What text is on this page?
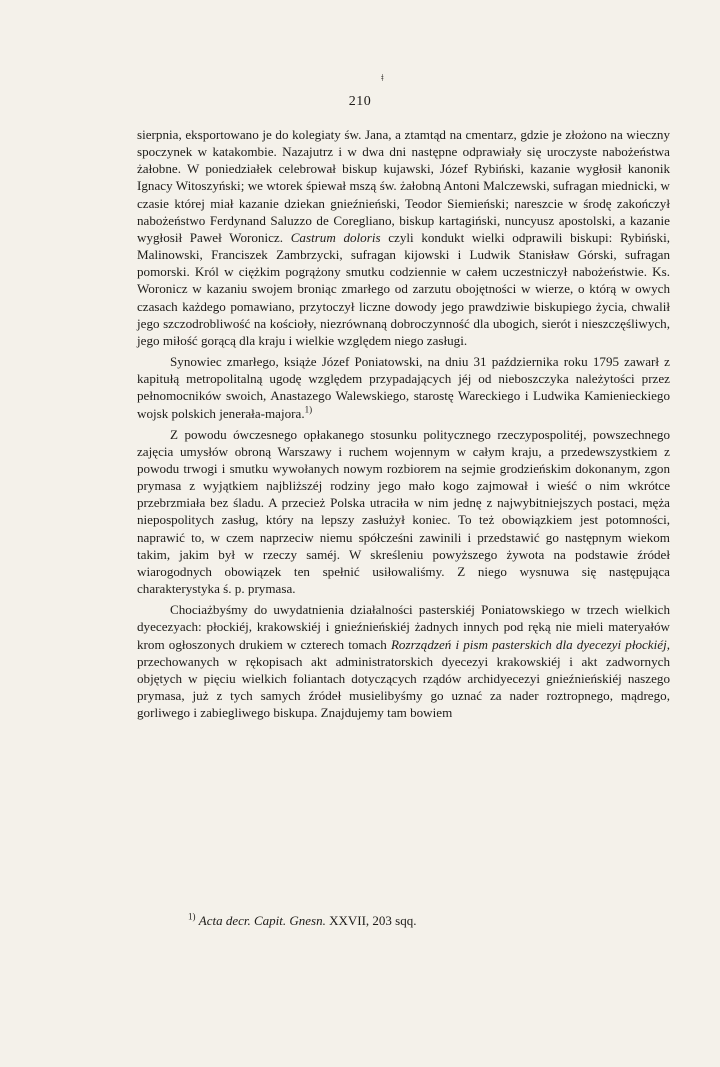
ǂ
210

sierpnia, eksportowano je do kolegiaty św. Jana, a ztamtąd na cmentarz, gdzie je złożono na wieczny spoczynek w katakombie. Nazajutrz i w dwa dni następne odprawiały się uroczyste nabożeństwa żałobne. W poniedziałek celebrował biskup kujawski, Józef Rybiński, kazanie wygłosił kanonik Ignacy Witoszyński; we wtorek śpiewał mszą św. żałobną Antoni Malczewski, sufragan miednicki, w czasie której miał kazanie dziekan gnieźnieński, Teodor Siemieński; nareszcie w środę zakończył nabożeństwo Ferdynand Saluzzo de Coregliano, biskup kartagiński, nuncyusz apostolski, a kazanie wygłosił Paweł Woronicz. Castrum doloris czyli kondukt wielki odprawili biskupi: Rybiński, Malinowski, Franciszek Zambrzycki, sufragan kijowski i Ludwik Stanisław Górski, sufragan pomorski. Król w ciężkim pogrążony smutku codziennie w całem uczestniczył nabożeństwie. Ks. Woronicz w kazaniu swojem broniąc zmarłego od zarzutu obojętności w wierze, o którą w owych czasach każdego pomawiano, przytoczył liczne dowody jego prawdziwie biskupiego życia, chwalił jego szczodrobliwość na kościoły, niezrównaną dobroczynność dla ubogich, sierót i nieszczęśliwych, jego miłość gorącą dla kraju i wielkie względem niego zasługi.

Synowiec zmarłego, książe Józef Poniatowski, na dniu 31 października roku 1795 zawarł z kapitułą metropolitalną ugodę względem przypadających jéj od nieboszczyka należytości przez pełnomocników swoich, Anastazego Walewskiego, starostę Wareckiego i Ludwika Kamienieckiego wojsk polskich jenerała-majora.$^{1)}$

Z powodu ówczesnego opłakanego stosunku politycznego rzeczypospolitéj, powszechnego zajęcia umysłów obroną Warszawy i ruchem wojennym w całym kraju, a przedewszystkiem z powodu trwogi i smutku wywołanych nowym rozbiorem na sejmie grodzieńskim dokonanym, zgon prymasa z wyjątkiem najbliższéj rodziny jego mało kogo zajmował i wieść o nim wkrótce przebrzmiała bez śladu. A przecież Polska utraciła w nim jednę z najwybitniejszych postaci, męża niepospolitych zasług, który na lepszy zasłużył koniec. To też obowiązkiem jest potomności, naprawić to, w czem naprzeciw niemu spółcześni zawinili i przedstawić go następnym wiekom takim, jakim był w rzeczy saméj. W skreśleniu powyższego żywota na podstawie źródeł wiarogodnych obowiązek ten spełnić usiłowaliśmy. Z niego wysnuwa się następująca charakterystyka ś. p. prymasa.

Chociażbyśmy do uwydatnienia działalności pasterskiéj Poniatowskiego w trzech wielkich dyecezyach: płockiéj, krakowskiéj i gnieźnieńskiéj żadnych innych pod ręką nie mieli materyałów krom ogłoszonych drukiem w czterech tomach Rozrządzeń i pism pasterskich dla dyecezyi płockiéj, przechowanych w rękopisach akt administratorskich dyecezyi krakowskiéj i akt zadwornych objętych w pięciu wielkich foliantach dotyczących rządów archidyecezyi gnieźnieńskiéj naszego prymasa, już z tych samych źródeł musielibyśmy go uznać za nader roztropnego, mądrego, gorliwego i zabiegliwego biskupa. Znajdujemy tam bowiem

$^{1)}$ Acta decr. Capit. Gnesn. XXVII, 203 sqq.
